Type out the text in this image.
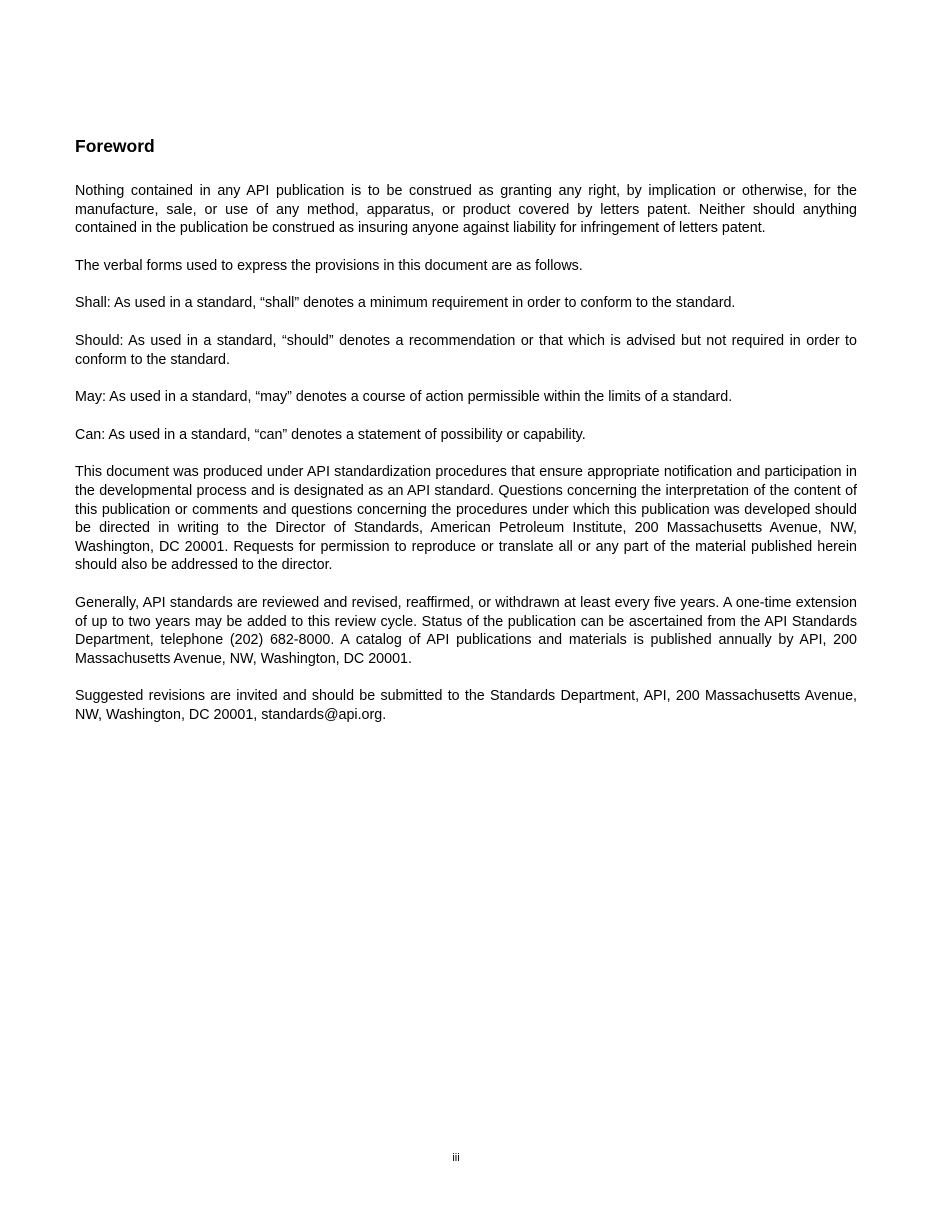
Foreword

Nothing contained in any API publication is to be construed as granting any right, by implication or otherwise, for the manufacture, sale, or use of any method, apparatus, or product covered by letters patent. Neither should anything contained in the publication be construed as insuring anyone against liability for infringement of letters patent.

The verbal forms used to express the provisions in this document are as follows.

Shall: As used in a standard, “shall” denotes a minimum requirement in order to conform to the standard.

Should: As used in a standard, “should” denotes a recommendation or that which is advised but not required in order to conform to the standard.

May: As used in a standard, “may” denotes a course of action permissible within the limits of a standard.

Can: As used in a standard, “can” denotes a statement of possibility or capability.

This document was produced under API standardization procedures that ensure appropriate notification and participation in the developmental process and is designated as an API standard. Questions concerning the interpretation of the content of this publication or comments and questions concerning the procedures under which this publication was developed should be directed in writing to the Director of Standards, American Petroleum Institute, 200 Massachusetts Avenue, NW, Washington, DC 20001. Requests for permission to reproduce or translate all or any part of the material published herein should also be addressed to the director.

Generally, API standards are reviewed and revised, reaffirmed, or withdrawn at least every five years. A one-time extension of up to two years may be added to this review cycle. Status of the publication can be ascertained from the API Standards Department, telephone (202) 682-8000. A catalog of API publications and materials is published annually by API, 200 Massachusetts Avenue, NW, Washington, DC 20001.

Suggested revisions are invited and should be submitted to the Standards Department, API, 200 Massachusetts Avenue, NW, Washington, DC 20001, standards@api.org.

iii
